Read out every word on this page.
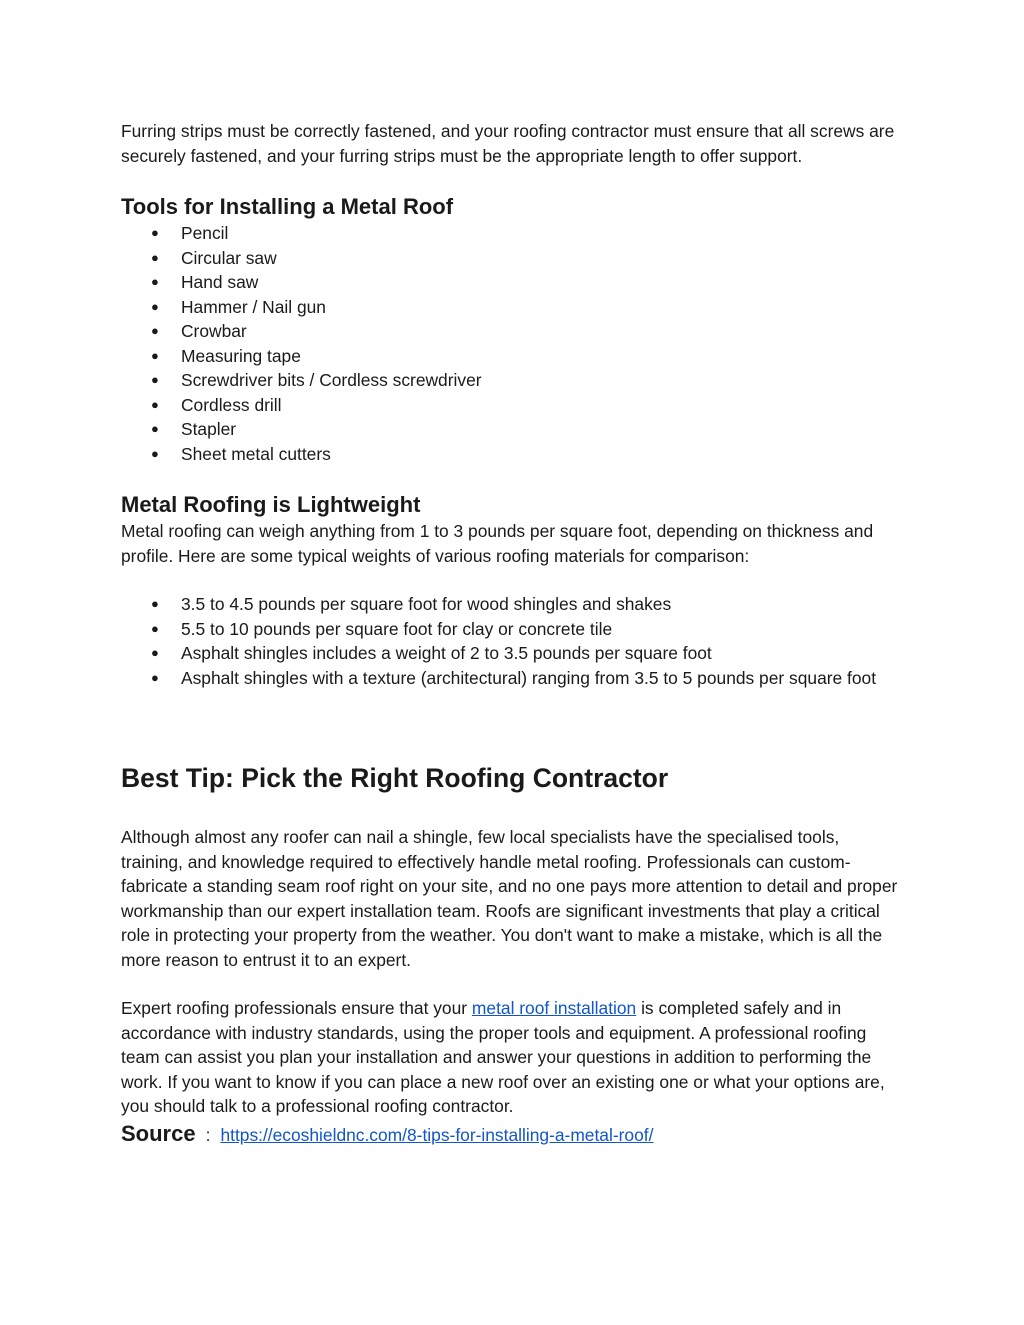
Furring strips must be correctly fastened, and your roofing contractor must ensure that all screws are securely fastened, and your furring strips must be the appropriate length to offer support.

Tools for Installing a Metal Roof
● Pencil
● Circular saw
● Hand saw
● Hammer / Nail gun
● Crowbar
● Measuring tape
● Screwdriver bits / Cordless screwdriver
● Cordless drill
● Stapler
● Sheet metal cutters
Metal Roofing is Lightweight

Metal roofing can weigh anything from 1 to 3 pounds per square foot, depending on thickness and profile. Here are some typical weights of various roofing materials for comparison:

● 3.5 to 4.5 pounds per square foot for wood shingles and shakes
● 5.5 to 10 pounds per square foot for clay or concrete tile
● Asphalt shingles includes a weight of 2 to 3.5 pounds per square foot
● Asphalt shingles with a texture (architectural) ranging from 3.5 to 5 pounds per square foot
Best Tip: Pick the Right Roofing Contractor

Although almost any roofer can nail a shingle, few local specialists have the specialised tools, training, and knowledge required to effectively handle metal roofing. Professionals can custom-fabricate a standing seam roof right on your site, and no one pays more attention to detail and proper workmanship than our expert installation team. Roofs are significant investments that play a critical role in protecting your property from the weather. You don't want to make a mistake, which is all the more reason to entrust it to an expert.

Expert roofing professionals ensure that your metal roof installation is completed safely and in accordance with industry standards, using the proper tools and equipment. A professional roofing team can assist you plan your installation and answer your questions in addition to performing the work. If you want to know if you can place a new roof over an existing one or what your options are, you should talk to a professional roofing contractor.

Source : https://ecoshieldnc.com/8-tips-for-installing-a-metal-roof/
